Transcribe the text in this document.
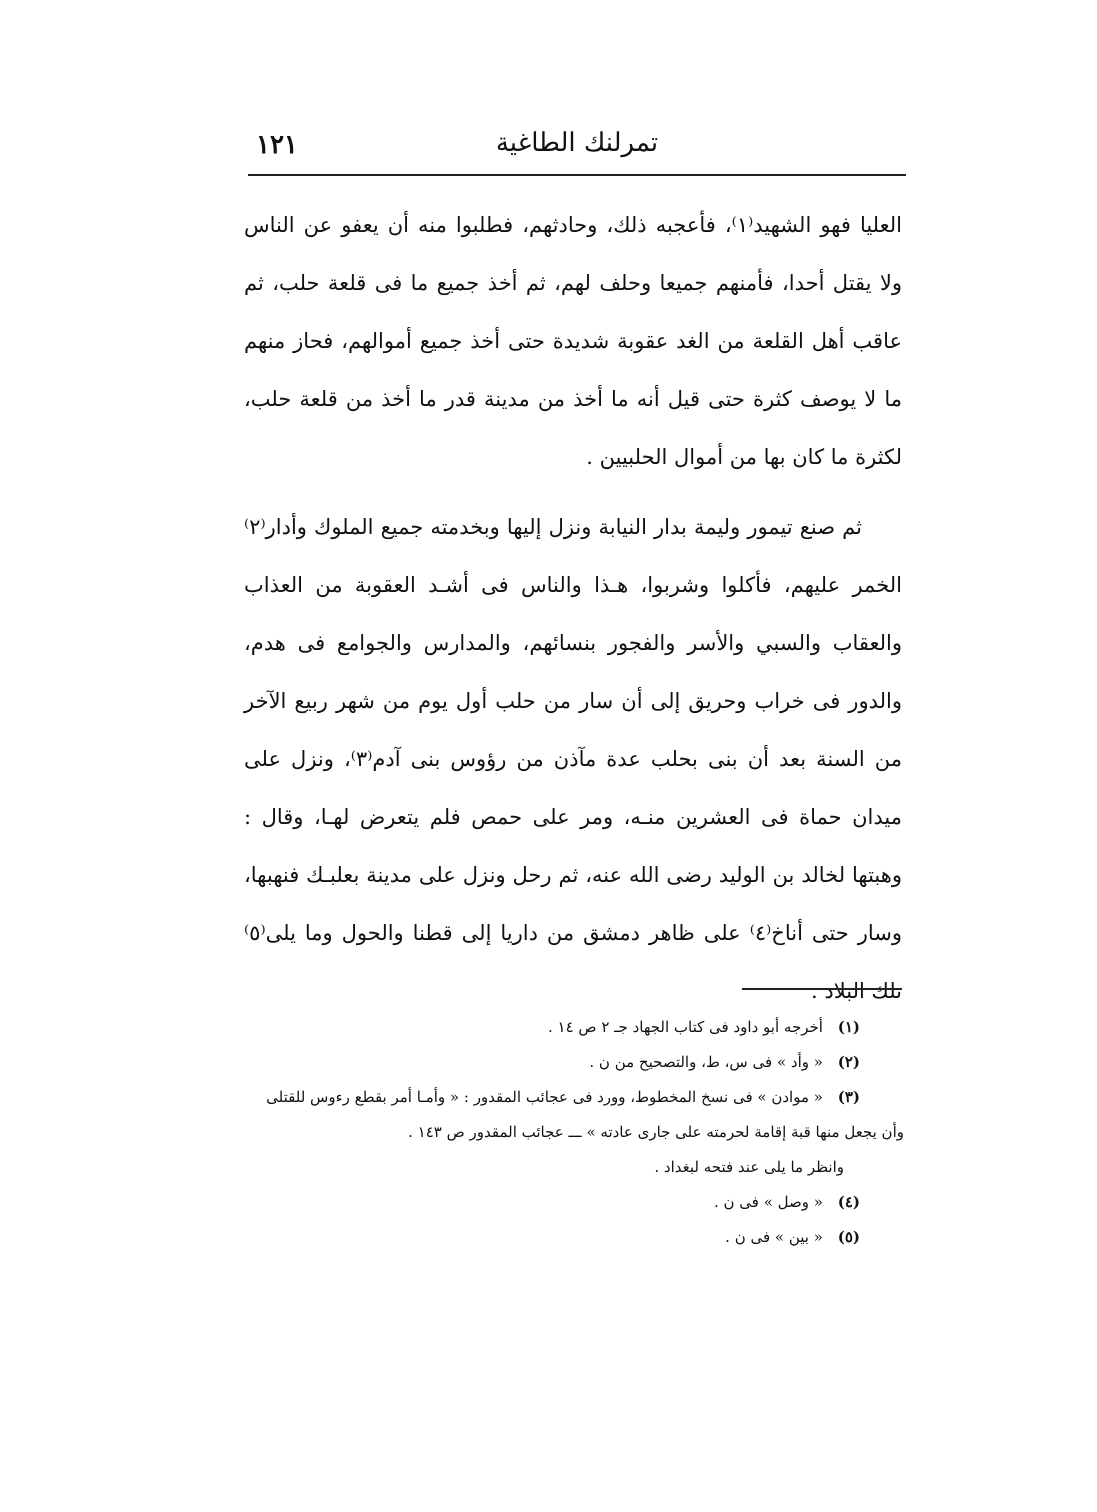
١٢١	تمرلنك الطاغية

العليا فهو الشهيد⁽١⁾، فأعجبه ذلك، وحادثهم، فطلبوا منه أن يعفو عن الناس ولا يقتل أحدا، فأمنهم جميعا وحلف لهم، ثم أخذ جميع ما فى قلعة حلب، ثم عاقب أهل القلعة من الغد عقوبة شديدة حتى أخذ جميع أموالهم، فحاز منهم ما لا يوصف كثرة حتى قيل أنه ما أخذ من مدينة قدر ما أخذ من قلعة حلب، لكثرة ما كان بها من أموال الحلبيين .

ثم صنع تيمور وليمة بدار النيابة ونزل إليها وبخدمته جميع الملوك وأدار⁽٢⁾ الخمر عليهم، فأكلوا وشربوا، هـذا والناس فى أشـد العقوبة من العذاب والعقاب والسبي والأسر والفجور بنسائهم، والمدارس والجوامع فى هدم، والدور فى خراب وحريق إلى أن سار من حلب أول يوم من شهر ربيع الآخر من السنة بعد أن بنى بحلب عدة مآذن من رؤوس بنى آدم⁽٣⁾، ونزل على ميدان حماة فى العشرين منـه، ومر على حمص فلم يتعرض لهـا، وقال : وهبتها لخالد بن الوليد رضى الله عنه، ثم رحل ونزل على مدينة بعلبـك فنهبها، وسار حتى أناخ⁽٤⁾ على ظاهر دمشق من داريا إلى قطنا والحول وما يلى⁽٥⁾ تلك البلاد .

(١) أخرجه أبو داود فى كتاب الجهاد جـ ٢ ص ١٤ .

(٢) « وأد » فى س، ط، والتصحيح من ن .

(٣) « موادن » فى نسخ المخطوط، وورد فى عجائب المقدور : « وأمـا أمر بقطع رءوس للقتلى وأن يجعل منها قبة إقامة لحرمته على جارى عادته » ـــ عجائب المقدور ص ١٤٣ .

وانظر ما يلى عند فتحه لبغداد .

(٤) « وصل » فى ن .

(٥) « بين » فى ن .
